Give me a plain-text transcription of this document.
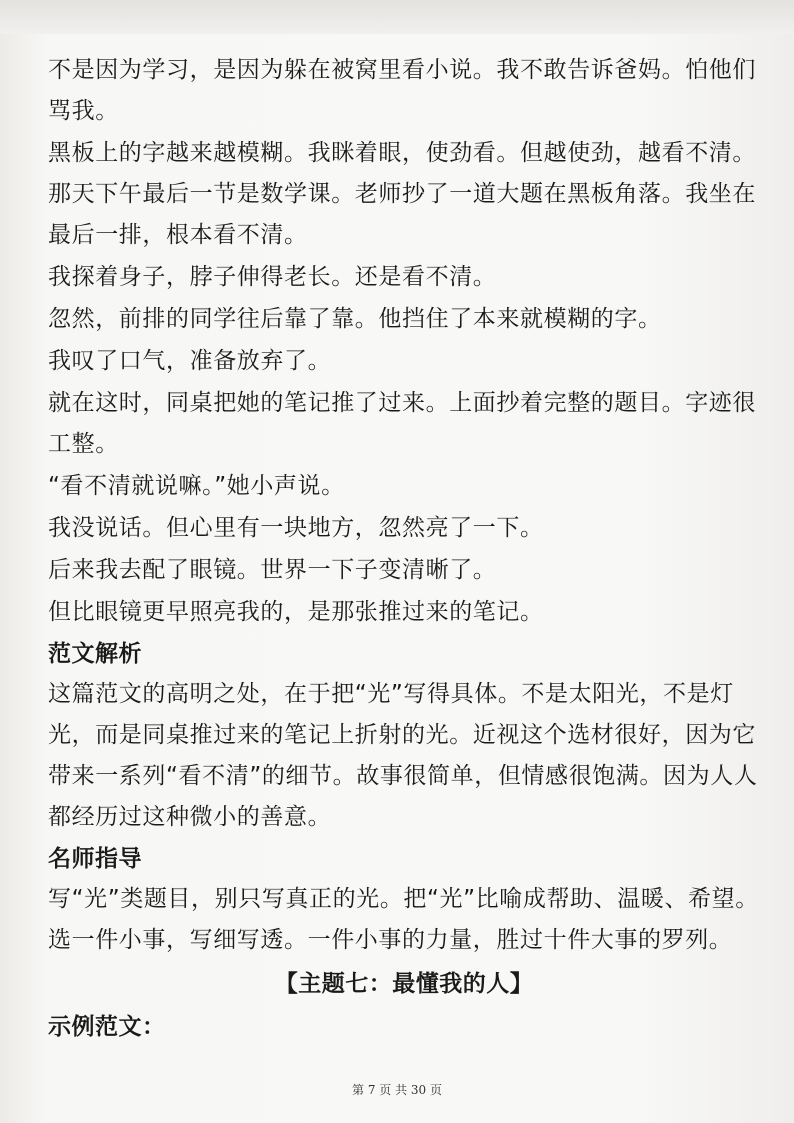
不是因为学习，是因为躲在被窝里看小说。我不敢告诉爸妈。怕他们骂我。

黑板上的字越来越模糊。我眯着眼，使劲看。但越使劲，越看不清。那天下午最后一节是数学课。老师抄了一道大题在黑板角落。我坐在最后一排，根本看不清。

我探着身子，脖子伸得老长。还是看不清。

忽然，前排的同学往后靠了靠。他挡住了本来就模糊的字。

我叹了口气，准备放弃了。

就在这时，同桌把她的笔记推了过来。上面抄着完整的题目。字迹很工整。

“看不清就说嘛。”她小声说。

我没说话。但心里有一块地方，忽然亮了一下。

后来我去配了眼镜。世界一下子变清晰了。

但比眼镜更早照亮我的，是那张推过来的笔记。

范文解析

这篇范文的高明之处，在于把“光”写得具体。不是太阳光，不是灯光，而是同桌推过来的笔记上折射的光。近视这个选材很好，因为它带来一系列“看不清”的细节。故事很简单，但情感很饱满。因为人人都经历过这种微小的善意。

名师指导

写“光”类题目，别只写真正的光。把“光”比喻成帮助、温暖、希望。选一件小事，写细写透。一件小事的力量，胜过十件大事的罗列。

【主题七：最懂我的人】
示例范文：
第 7 页 共 30 页
